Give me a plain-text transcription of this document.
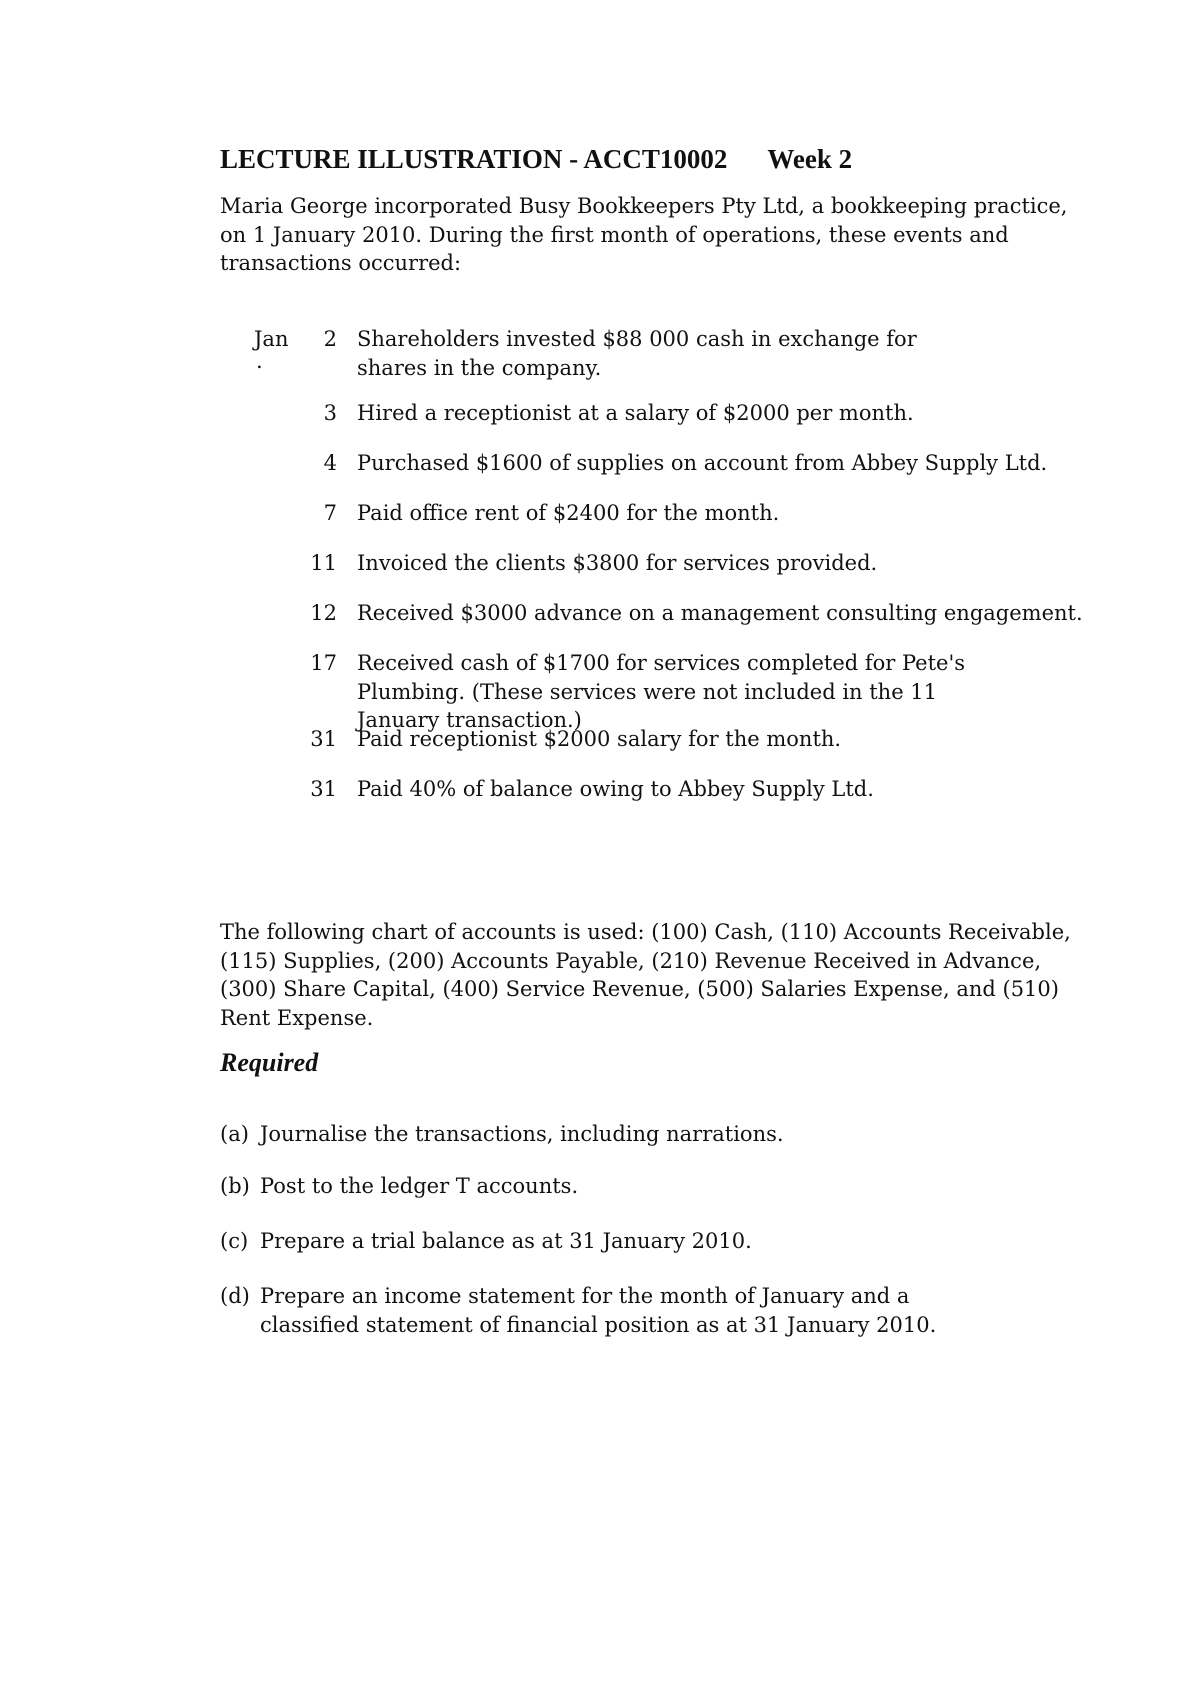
LECTURE ILLUSTRATION - ACCT10002 Week 2

Maria George incorporated Busy Bookkeepers Pty Ltd, a bookkeeping practice, on 1 January 2010. During the first month of operations, these events and transactions occurred:

Jan
.
2 Shareholders invested $88 000 cash in exchange for shares in the company.
3 Hired a receptionist at a salary of $2000 per month.
4 Purchased $1600 of supplies on account from Abbey Supply Ltd.
7 Paid office rent of $2400 for the month.
11 Invoiced the clients $3800 for services provided.
12 Received $3000 advance on a management consulting engagement.
17 Received cash of $1700 for services completed for Pete's Plumbing. (These services were not included in the 11 January transaction.)
31 Paid receptionist $2000 salary for the month.
31 Paid 40% of balance owing to Abbey Supply Ltd.

The following chart of accounts is used: (100) Cash, (110) Accounts Receivable, (115) Supplies, (200) Accounts Payable, (210) Revenue Received in Advance, (300) Share Capital, (400) Service Revenue, (500) Salaries Expense, and (510) Rent Expense.

Required
(a) Journalise the transactions, including narrations.
(b) Post to the ledger T accounts.
(c) Prepare a trial balance as at 31 January 2010.
(d) Prepare an income statement for the month of January and a classified statement of financial position as at 31 January 2010.
